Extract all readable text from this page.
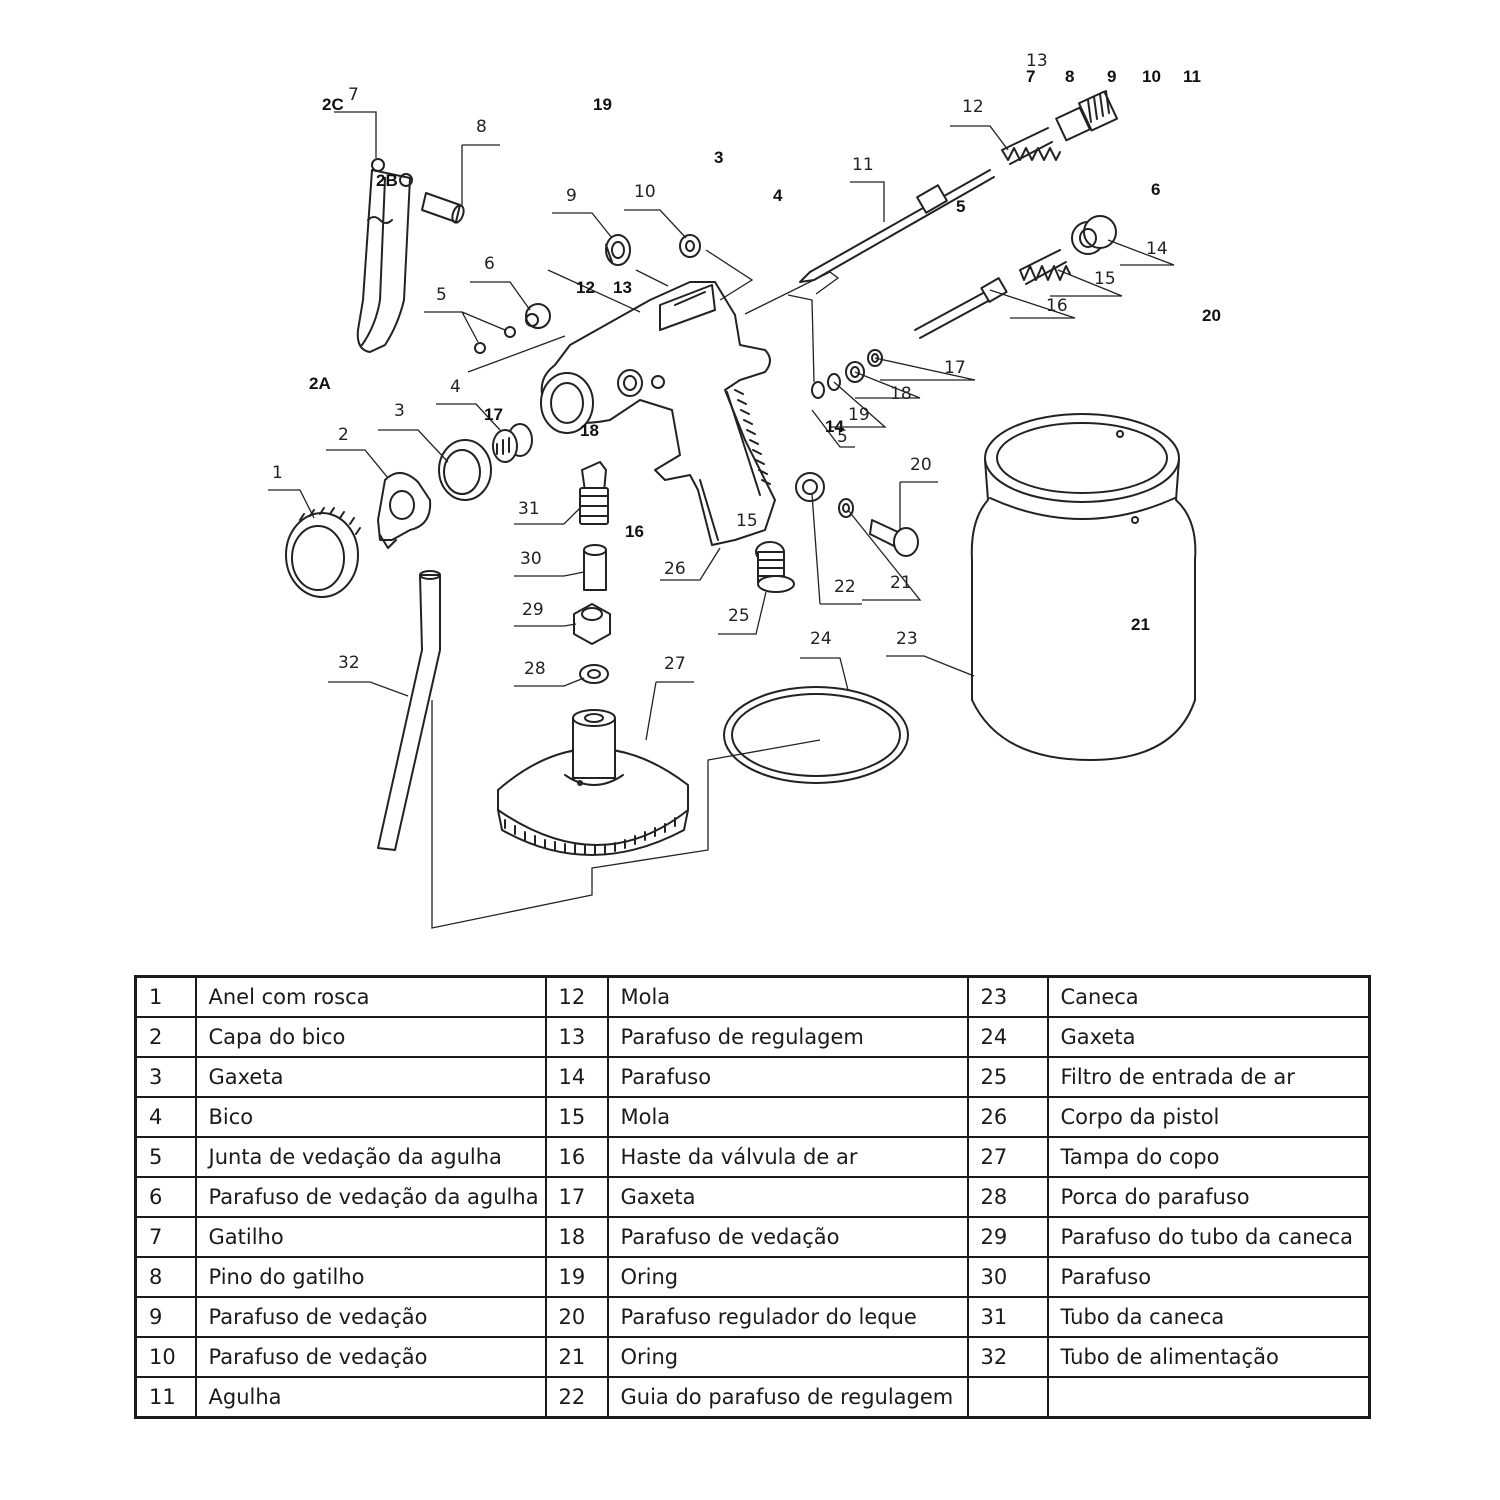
7
8
9	10
11
12
13
6
5
4
3
2
1
14
15
16
17
18
19
5
20
21
22
23
24
25
26
27
28
29
30
31
32
15
2C
2B
2A
19
3
4
5
6
7 8 9 10 11
12 13
14
16
17
18
20
21
1	Anel com rosca	12	Mola	23	Caneca
2	Capa do bico	13	Parafuso de regulagem	24	Gaxeta
3	Gaxeta	14	Parafuso	25	Filtro de entrada de ar
4	Bico	15	Mola	26	Corpo da pistol
5	Junta de vedação da agulha	16	Haste da válvula de ar	27	Tampa do copo
6	Parafuso de vedação da agulha	17	Gaxeta	28	Porca do parafuso
7	Gatilho	18	Parafuso de vedação	29	Parafuso do tubo da caneca
8	Pino do gatilho	19	Oring	30	Parafuso
9	Parafuso de vedação	20	Parafuso regulador do leque	31	Tubo da caneca
10	Parafuso de vedação	21	Oring	32	Tubo de alimentação
11	Agulha	22	Guia do parafuso de regulagem		
